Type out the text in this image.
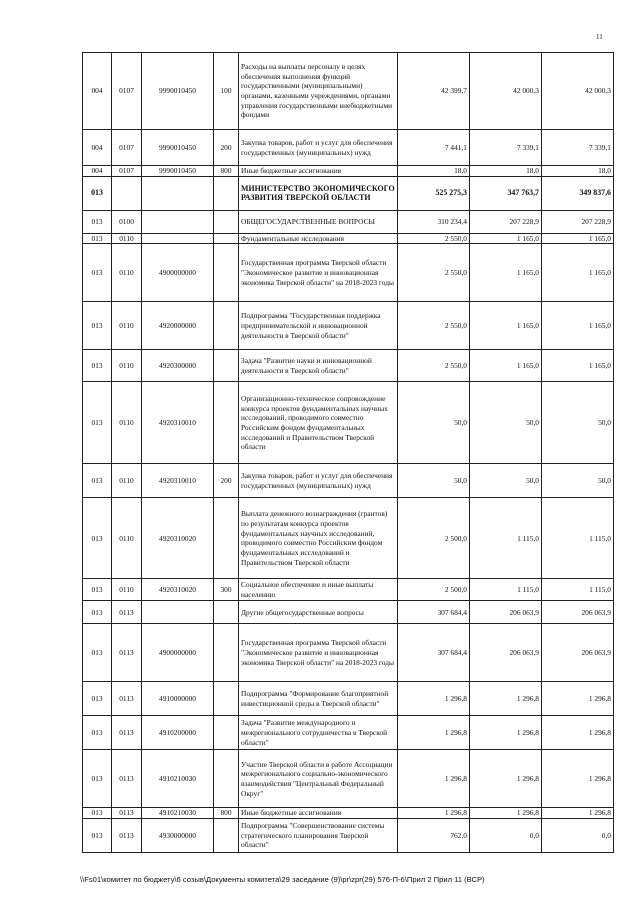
11
004	0107	9990010450	100	Расходы на выплаты персоналу в целях обеспечения выполнения функций государственными (муниципальными) органами, казенными учреждениями, органами управления государственными внебюджетными фондами	42 399,7	42 000,3	42 000,3
004	0107	9990010450	200	Закупка товаров, работ и услуг для обеспечения государственных (муниципальных) нужд	7 441,1	7 339,1	7 339,1
004	0107	9990010450	800	Иные бюджетные ассигнования	18,0	18,0	18,0
013				МИНИСТЕРСТВО ЭКОНОМИЧЕСКОГО РАЗВИТИЯ ТВЕРСКОЙ ОБЛАСТИ	525 275,3	347 763,7	349 837,6
013	0100			ОБЩЕГОСУДАРСТВЕННЫЕ ВОПРОСЫ	310 234,4	207 228,9	207 228,9
013	0110			Фундаментальные исследования	2 550,0	1 165,0	1 165,0
013	0110	4900000000		Государственная программа Тверской области "Экономическое развитие и инновационная экономика Тверской области" на 2018-2023 годы	2 550,0	1 165,0	1 165,0
013	0110	4920000000		Подпрограмма "Государственная поддержка предпринимательской и инновационной деятельности в Тверской области"	2 550,0	1 165,0	1 165,0
013	0110	4920300000		Задача "Развитие науки и инновационной деятельности в Тверской области"	2 550,0	1 165,0	1 165,0
013	0110	4920310010		Организационно-техническое сопровождение конкурса проектов фундаментальных научных исследований, проводимого совместно Российским фондом фундаментальных исследований и Правительством Тверской области	50,0	50,0	50,0
013	0110	4920310010	200	Закупка товаров, работ и услуг для обеспечения государственных (муниципальных) нужд	50,0	50,0	50,0
013	0110	4920310020		Выплата денежного вознаграждения (грантов) по результатам конкурса проектов фундаментальных научных исследований, проводимого совместно Российским фондом фундаментальных исследований и Правительством Тверской области	2 500,0	1 115,0	1 115,0
013	0110	4920310020	300	Социальное обеспечение и иные выплаты населению	2 500,0	1 115,0	1 115,0
013	0113			Другие общегосударственные вопросы	307 684,4	206 063,9	206 063,9
013	0113	4900000000		Государственная программа Тверской области "Экономическое развитие и инновационная экономика Тверской области" на 2018-2023 годы	307 684,4	206 063,9	206 063,9
013	0113	4910000000		Подпрограмма "Формирование благоприятной инвестиционной среды в Тверской области"	1 296,8	1 296,8	1 296,8
013	0113	4910200000		Задача "Развитие международного и межрегионального сотрудничества в Тверской области"	1 296,8	1 296,8	1 296,8
013	0113	4910210030		Участие Тверской области в работе Ассоциации межрегионального социально-экономического взаимодействия "Центральный Федеральный Округ"	1 296,8	1 296,8	1 296,8
013	0113	4910210030	800	Иные бюджетные ассигнования	1 296,8	1 296,8	1 296,8
013	0113	4930000000		Подпрограмма "Совершенствование системы стратегического планирования Тверской области"	762,0	0,0	0,0
\\Fs01\комитет по бюджету\6 созыв\Документы комитета\29 заседание (9)\pr\zpr(29) 576-П-6\Прил 2 Прил 11 (ВСР)
